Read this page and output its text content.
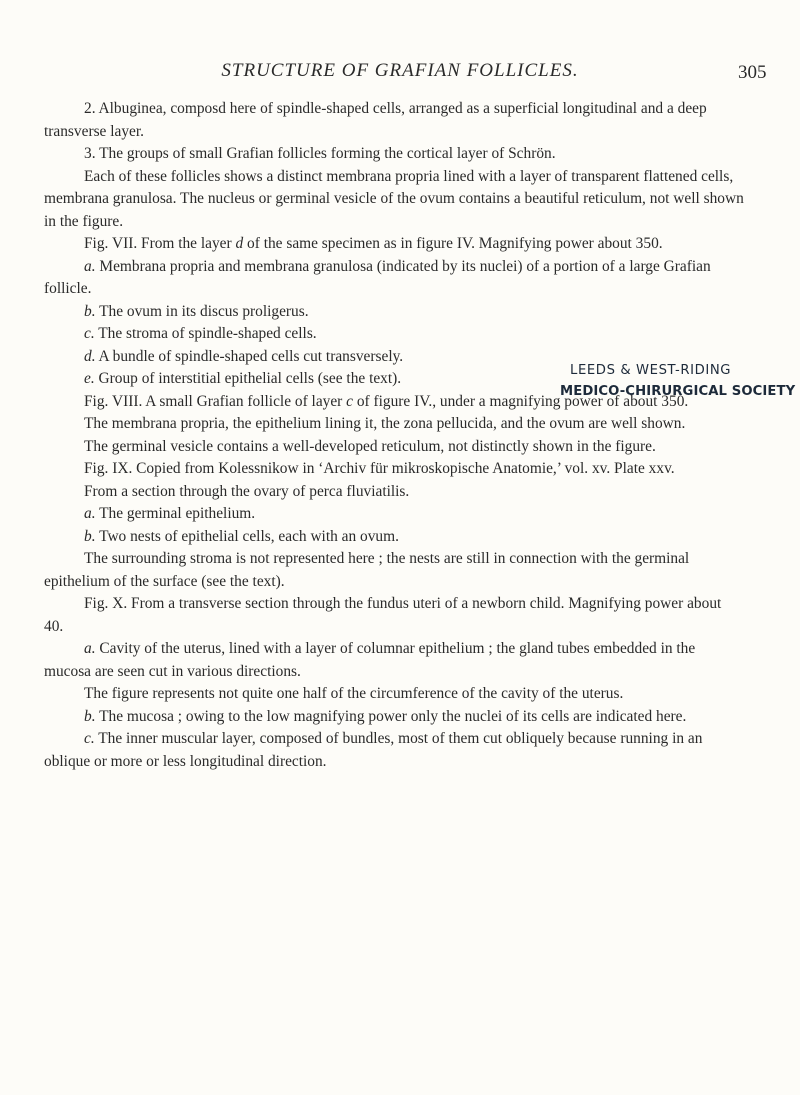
STRUCTURE OF GRAFIAN FOLLICLES.	305

2. Albuginea, composd here of spindle-shaped cells, arranged as a superficial longitudinal and a deep transverse layer.

3. The groups of small Grafian follicles forming the cortical layer of Schrön.

Each of these follicles shows a distinct membrana propria lined with a layer of transparent flattened cells, membrana granulosa. The nucleus or germinal vesicle of the ovum contains a beautiful reticulum, not well shown in the figure.

Fig. VII. From the layer d of the same specimen as in figure IV. Magnifying power about 350.

a. Membrana propria and membrana granulosa (indicated by its nuclei) of a portion of a large Grafian follicle.

b. The ovum in its discus proligerus.

c. The stroma of spindle-shaped cells.

d. A bundle of spindle-shaped cells cut transversely.

e. Group of interstitial epithelial cells (see the text).

Fig. VIII. A small Grafian follicle of layer c of figure IV., under a magnifying power of about 350.

The membrana propria, the epithelium lining it, the zona pellucida, and the ovum are well shown.

The germinal vesicle contains a well-developed reticulum, not distinctly shown in the figure.

Fig. IX. Copied from Kolessnikow in ‘Archiv für mikroskopische Anatomie,’ vol. xv. Plate xxv.

From a section through the ovary of perca fluviatilis.

a. The germinal epithelium.

b. Two nests of epithelial cells, each with an ovum.

The surrounding stroma is not represented here ; the nests are still in connection with the germinal epithelium of the surface (see the text).

Fig. X. From a transverse section through the fundus uteri of a newborn child. Magnifying power about 40.

a. Cavity of the uterus, lined with a layer of columnar epithelium ; the gland tubes embedded in the mucosa are seen cut in various directions.

The figure represents not quite one half of the circumference of the cavity of the uterus.

b. The mucosa ; owing to the low magnifying power only the nuclei of its cells are indicated here.

c. The inner muscular layer, composed of bundles, most of them cut obliquely because running in an oblique or more or less longitudinal direction.

LEEDS & WEST-RIDING
MEDICO-CHIRURGICAL SOCIETY
